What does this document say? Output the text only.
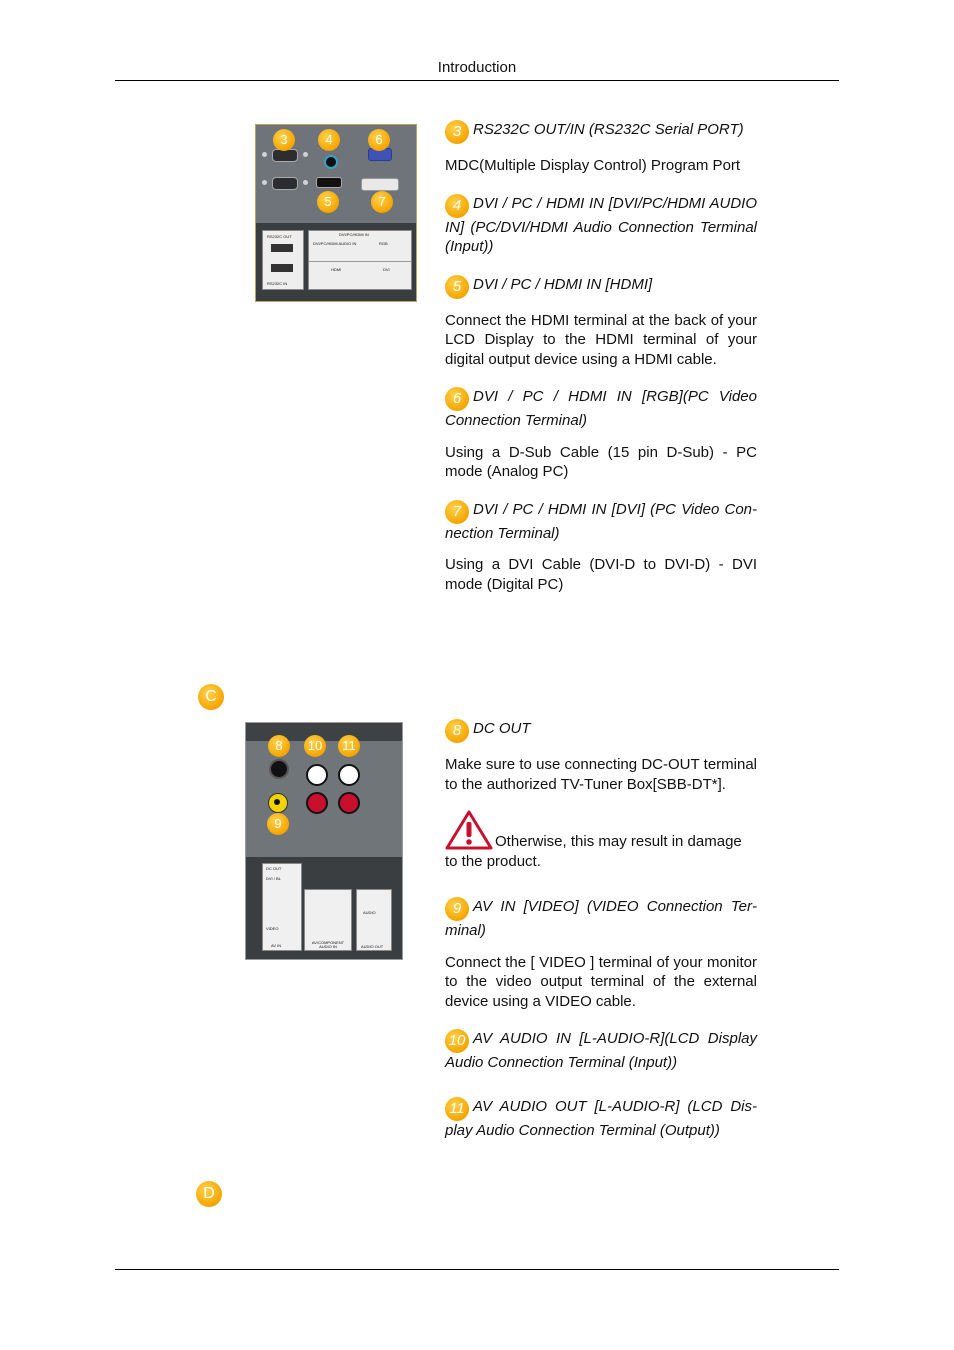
Introduction
C
D
RS232C OUT
RS232C IN
DVI/PC/HDMI IN
DVI/PC/HDMI AUDIO IN	RGB
HDMI	DVI
3	4	6
5	7
DC OUT
DVI / BL
VIDEO
AV IN
AV/COMPONENT AUDIO IN
AUDIO
AUDIO OUT
8	10	11
9
3 RS232C OUT/IN (RS232C Serial PORT)
MDC(Multiple Display Control) Program Port
4 DVI / PC / HDMI IN [DVI/PC/HDMI AUDIO IN] (PC/DVI/HDMI Audio Connection Terminal (Input))
5 DVI / PC / HDMI IN [HDMI]
Connect the HDMI terminal at the back of your LCD Display to the HDMI terminal of your digital output device using a HDMI cable.
6 DVI / PC / HDMI IN [RGB](PC Video Connection Terminal)
Using a D-Sub Cable (15 pin D-Sub) - PC mode (Analog PC)
7 DVI / PC / HDMI IN [DVI] (PC Video Connection Terminal)
Using a DVI Cable (DVI-D to DVI-D) - DVI mode (Digital PC)
8 DC OUT
Make sure to use connecting DC-OUT terminal to the authorized TV-Tuner Box[SBB-DT*].
Otherwise, this may result in damage to the product.
9 AV IN [VIDEO] (VIDEO Connection Terminal)
Connect the [ VIDEO ] terminal of your monitor to the video output terminal of the external device using a VIDEO cable.
10 AV AUDIO IN [L-AUDIO-R](LCD Display Audio Connection Terminal (Input))
11 AV AUDIO OUT [L-AUDIO-R] (LCD Display Audio Connection Terminal (Output))
